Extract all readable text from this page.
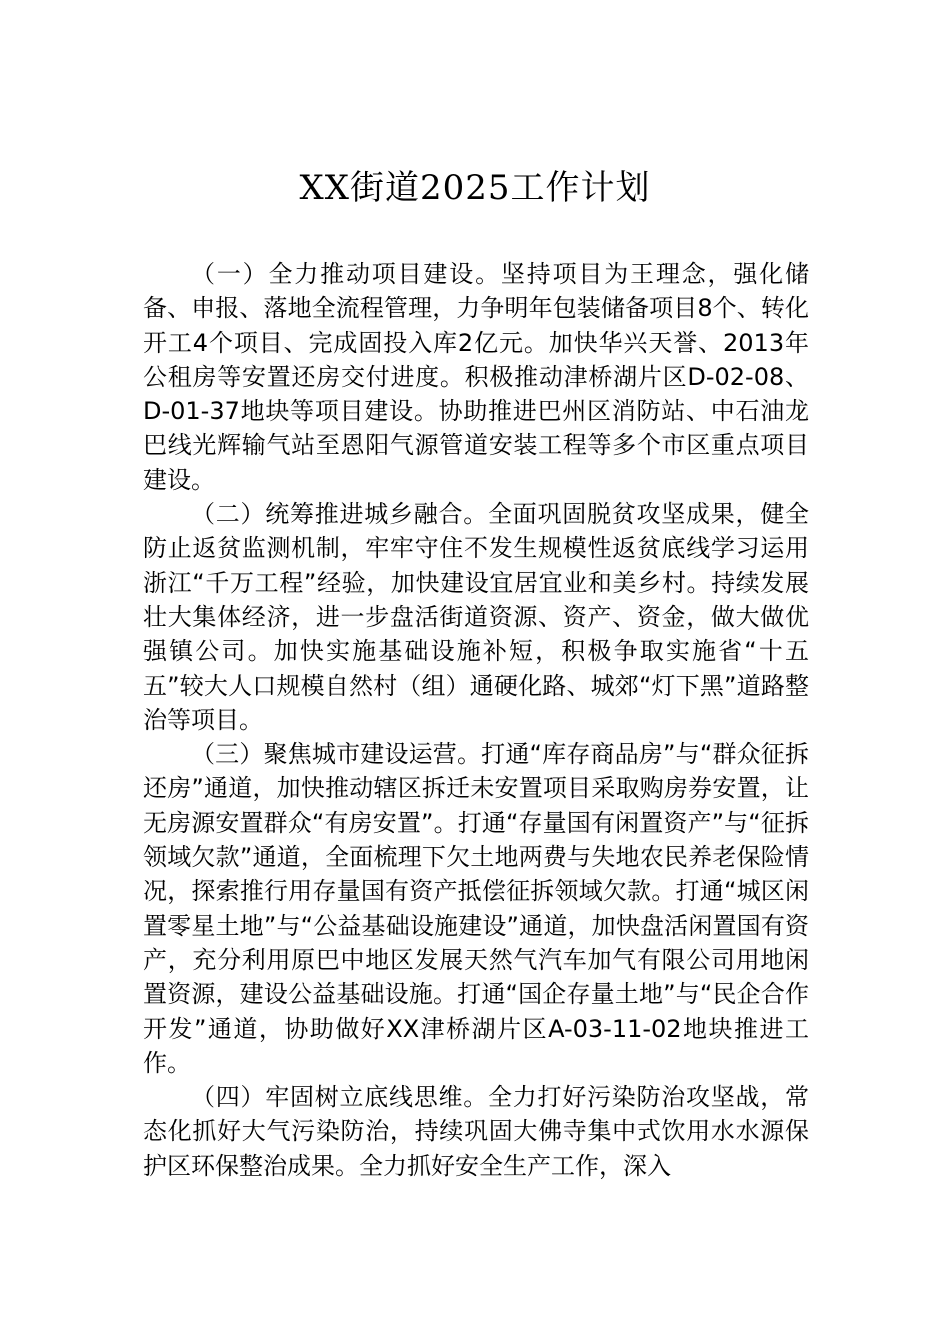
XX街道2025工作计划

（一）全力推动项目建设。坚持项目为王理念，强化储备、申报、落地全流程管理，力争明年包装储备项目8个、转化开工4个项目、完成固投入库2亿元。加快华兴天誉、2013年公租房等安置还房交付进度。积极推动津桥湖片区D-02-08、D-01-37地块等项目建设。协助推进巴州区消防站、中石油龙巴线光辉输气站至恩阳气源管道安装工程等多个市区重点项目建设。

（二）统筹推进城乡融合。全面巩固脱贫攻坚成果，健全防止返贫监测机制，牢牢守住不发生规模性返贫底线学习运用浙江“千万工程”经验，加快建设宜居宜业和美乡村。持续发展壮大集体经济，进一步盘活街道资源、资产、资金，做大做优强镇公司。加快实施基础设施补短，积极争取实施省“十五五”较大人口规模自然村（组）通硬化路、城郊“灯下黑”道路整治等项目。

（三）聚焦城市建设运营。打通“库存商品房”与“群众征拆还房”通道，加快推动辖区拆迁未安置项目采取购房券安置，让无房源安置群众“有房安置”。打通“存量国有闲置资产”与“征拆领域欠款”通道，全面梳理下欠土地两费与失地农民养老保险情况，探索推行用存量国有资产抵偿征拆领域欠款。打通“城区闲置零星土地”与“公益基础设施建设”通道，加快盘活闲置国有资产，充分利用原巴中地区发展天然气汽车加气有限公司用地闲置资源，建设公益基础设施。打通“国企存量土地”与“民企合作开发”通道，协助做好XX津桥湖片区A-03-11-02地块推进工作。

（四）牢固树立底线思维。全力打好污染防治攻坚战，常态化抓好大气污染防治，持续巩固大佛寺集中式饮用水水源保护区环保整治成果。全力抓好安全生产工作，深入
